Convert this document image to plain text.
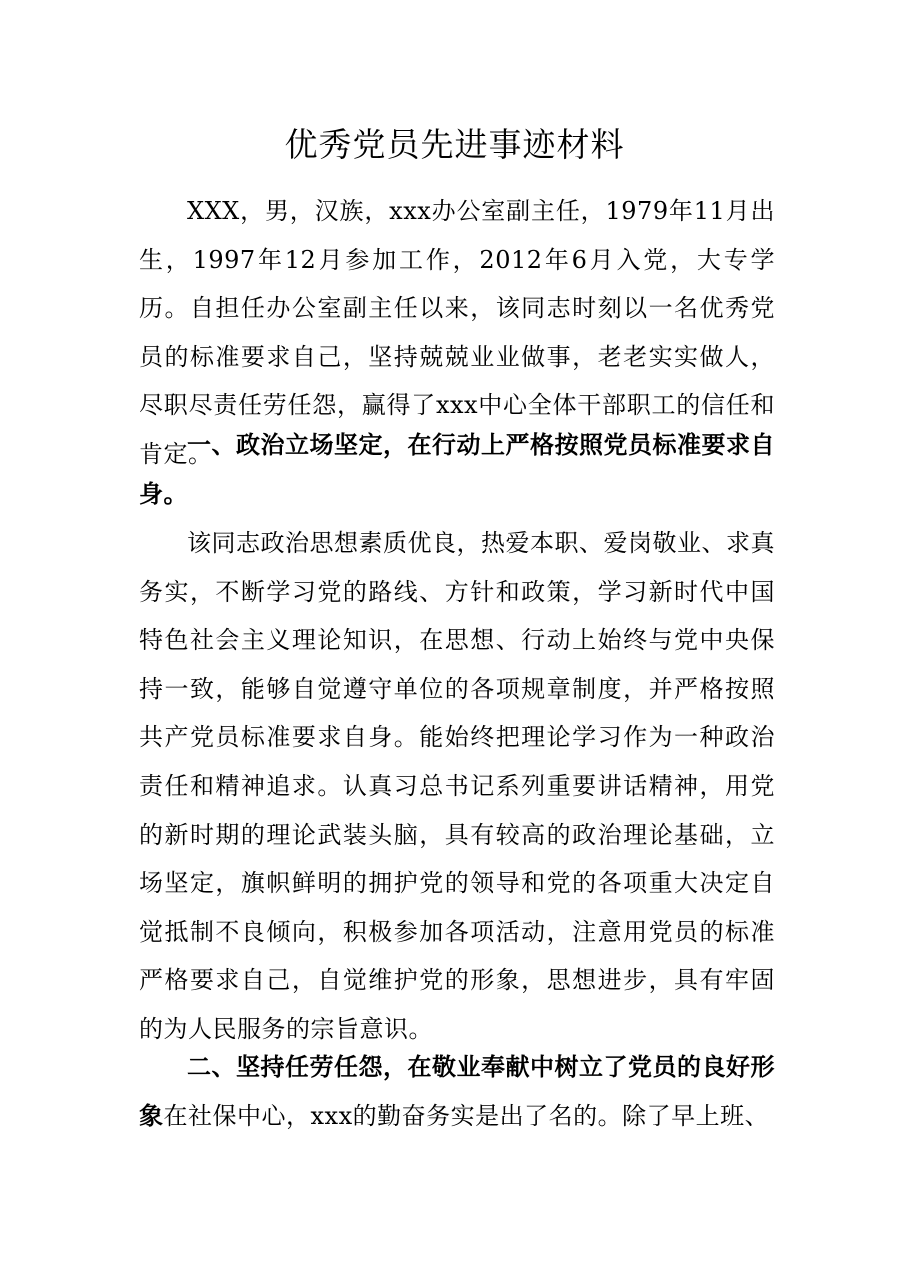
优秀党员先进事迹材料
XXX，男，汉族，xxx办公室副主任，1979年11月出生，1997年12月参加工作，2012年6月入党，大专学历。自担任办公室副主任以来，该同志时刻以一名优秀党员的标准要求自己，坚持兢兢业业做事，老老实实做人，尽职尽责任劳任怨，赢得了xxx中心全体干部职工的信任和肯定。
一、政治立场坚定，在行动上严格按照党员标准要求自身。
该同志政治思想素质优良，热爱本职、爱岗敬业、求真务实，不断学习党的路线、方针和政策，学习新时代中国特色社会主义理论知识，在思想、行动上始终与党中央保持一致，能够自觉遵守单位的各项规章制度，并严格按照共产党员标准要求自身。能始终把理论学习作为一种政治责任和精神追求。认真习总书记系列重要讲话精神，用党的新时期的理论武装头脑，具有较高的政治理论基础，立场坚定，旗帜鲜明的拥护党的领导和党的各项重大决定自觉抵制不良倾向，积极参加各项活动，注意用党员的标准严格要求自己，自觉维护党的形象，思想进步，具有牢固的为人民服务的宗旨意识。
二、坚持任劳任怨，在敬业奉献中树立了党员的良好形象在社保中心，xxx的勤奋务实是出了名的。除了早上班、
